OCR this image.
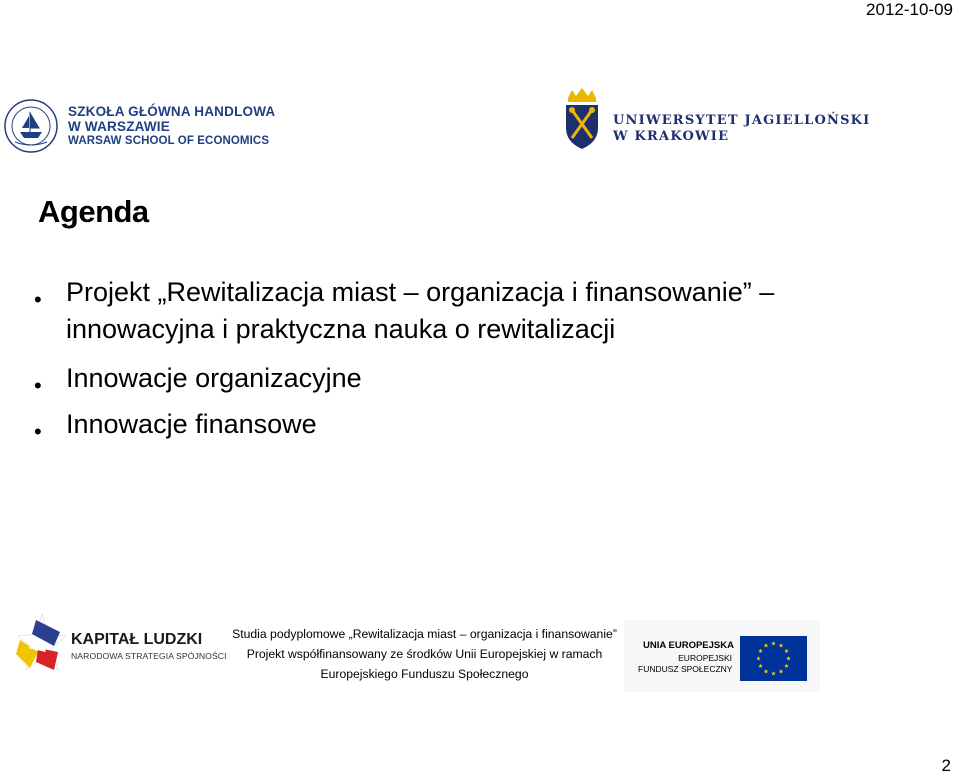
2012-10-09
SZKOŁA GŁÓWNA HANDLOWA
W WARSZAWIE
WARSAW SCHOOL OF ECONOMICS
UNIWERSYTET JAGIELLOŃSKI
W KRAKOWIE
Agenda
• Projekt „Rewitalizacja miast – organizacja i finansowanie” – innowacyjna i praktyczna nauka o rewitalizacji
• Innowacje organizacyjne
• Innowacje finansowe
KAPITAŁ LUDZKI
NARODOWA STRATEGIA SPÓJNOŚCI
Studia podyplomowe „Rewitalizacja miast – organizacja i finansowanie”
Projekt współfinansowany ze środków Unii Europejskiej w ramach
Europejskiego Funduszu Społecznego
UNIA EUROPEJSKA
EUROPEJSKI
FUNDUSZ SPOŁECZNY
2
